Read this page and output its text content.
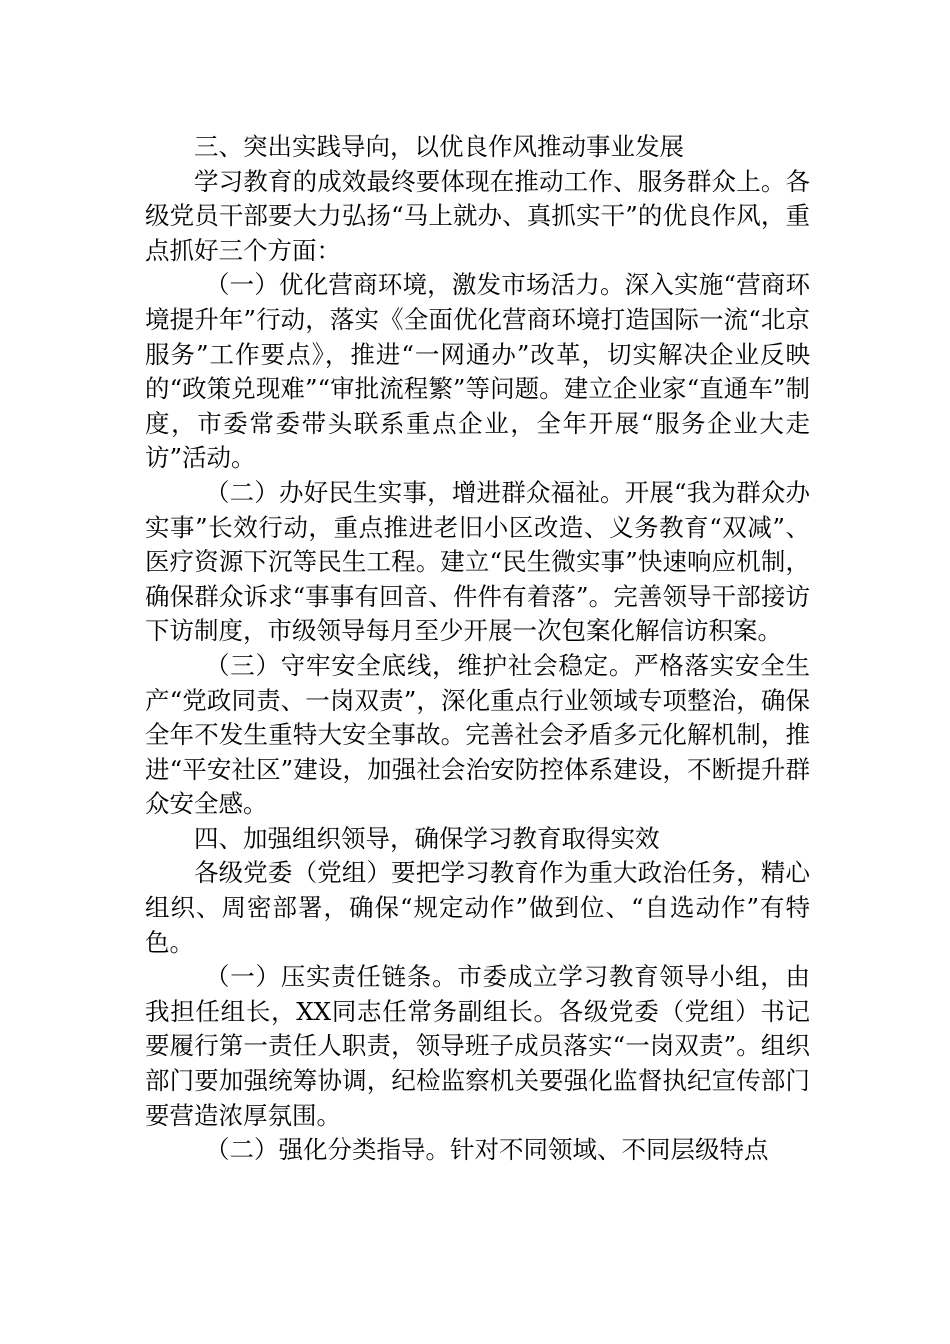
三、突出实践导向，以优良作风推动事业发展

学习教育的成效最终要体现在推动工作、服务群众上。各级党员干部要大力弘扬“马上就办、真抓实干”的优良作风，重点抓好三个方面：

（一）优化营商环境，激发市场活力。深入实施“营商环境提升年”行动，落实《全面优化营商环境打造国际一流“北京服务”工作要点》，推进“一网通办”改革，切实解决企业反映的“政策兑现难”“审批流程繁”等问题。建立企业家“直通车”制度，市委常委带头联系重点企业，全年开展“服务企业大走访”活动。

（二）办好民生实事，增进群众福祉。开展“我为群众办实事”长效行动，重点推进老旧小区改造、义务教育“双减”、医疗资源下沉等民生工程。建立“民生微实事”快速响应机制，确保群众诉求“事事有回音、件件有着落”。完善领导干部接访下访制度，市级领导每月至少开展一次包案化解信访积案。

（三）守牢安全底线，维护社会稳定。严格落实安全生产“党政同责、一岗双责”，深化重点行业领域专项整治，确保全年不发生重特大安全事故。完善社会矛盾多元化解机制，推进“平安社区”建设，加强社会治安防控体系建设，不断提升群众安全感。

四、加强组织领导，确保学习教育取得实效

各级党委（党组）要把学习教育作为重大政治任务，精心组织、周密部署，确保“规定动作”做到位、“自选动作”有特色。

（一）压实责任链条。市委成立学习教育领导小组，由我担任组长，XX同志任常务副组长。各级党委（党组）书记要履行第一责任人职责，领导班子成员落实“一岗双责”。组织部门要加强统筹协调，纪检监察机关要强化监督执纪宣传部门要营造浓厚氛围。

（二）强化分类指导。针对不同领域、不同层级特点
